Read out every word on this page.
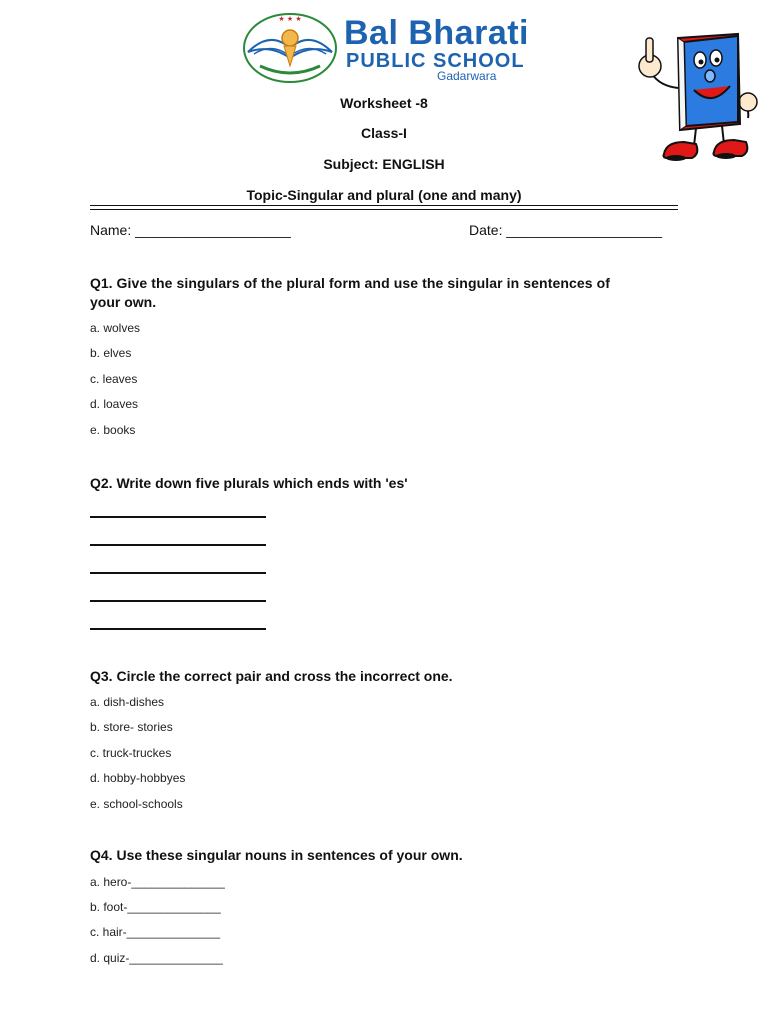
★ ★ ★ Bal Bharati
PUBLIC SCHOOL
Gadarwara
Worksheet -8
Class-I
Subject: ENGLISH
Topic-Singular and plural (one and many)
Name: ____________________	Date: ____________________
Q1. Give the singulars of the plural form and use the singular in sentences of
your own.
a. wolves
b. elves
c. leaves
d. loaves
e. books
Q2. Write down five plurals which ends with 'es'
Q3. Circle the correct pair and cross the incorrect one.
a. dish-dishes
b. store- stories
c. truck-truckes
d. hobby-hobbyes
e. school-schools
Q4. Use these singular nouns in sentences of your own.
a. hero-______________
b. foot-______________
c. hair-______________
d. quiz-______________
